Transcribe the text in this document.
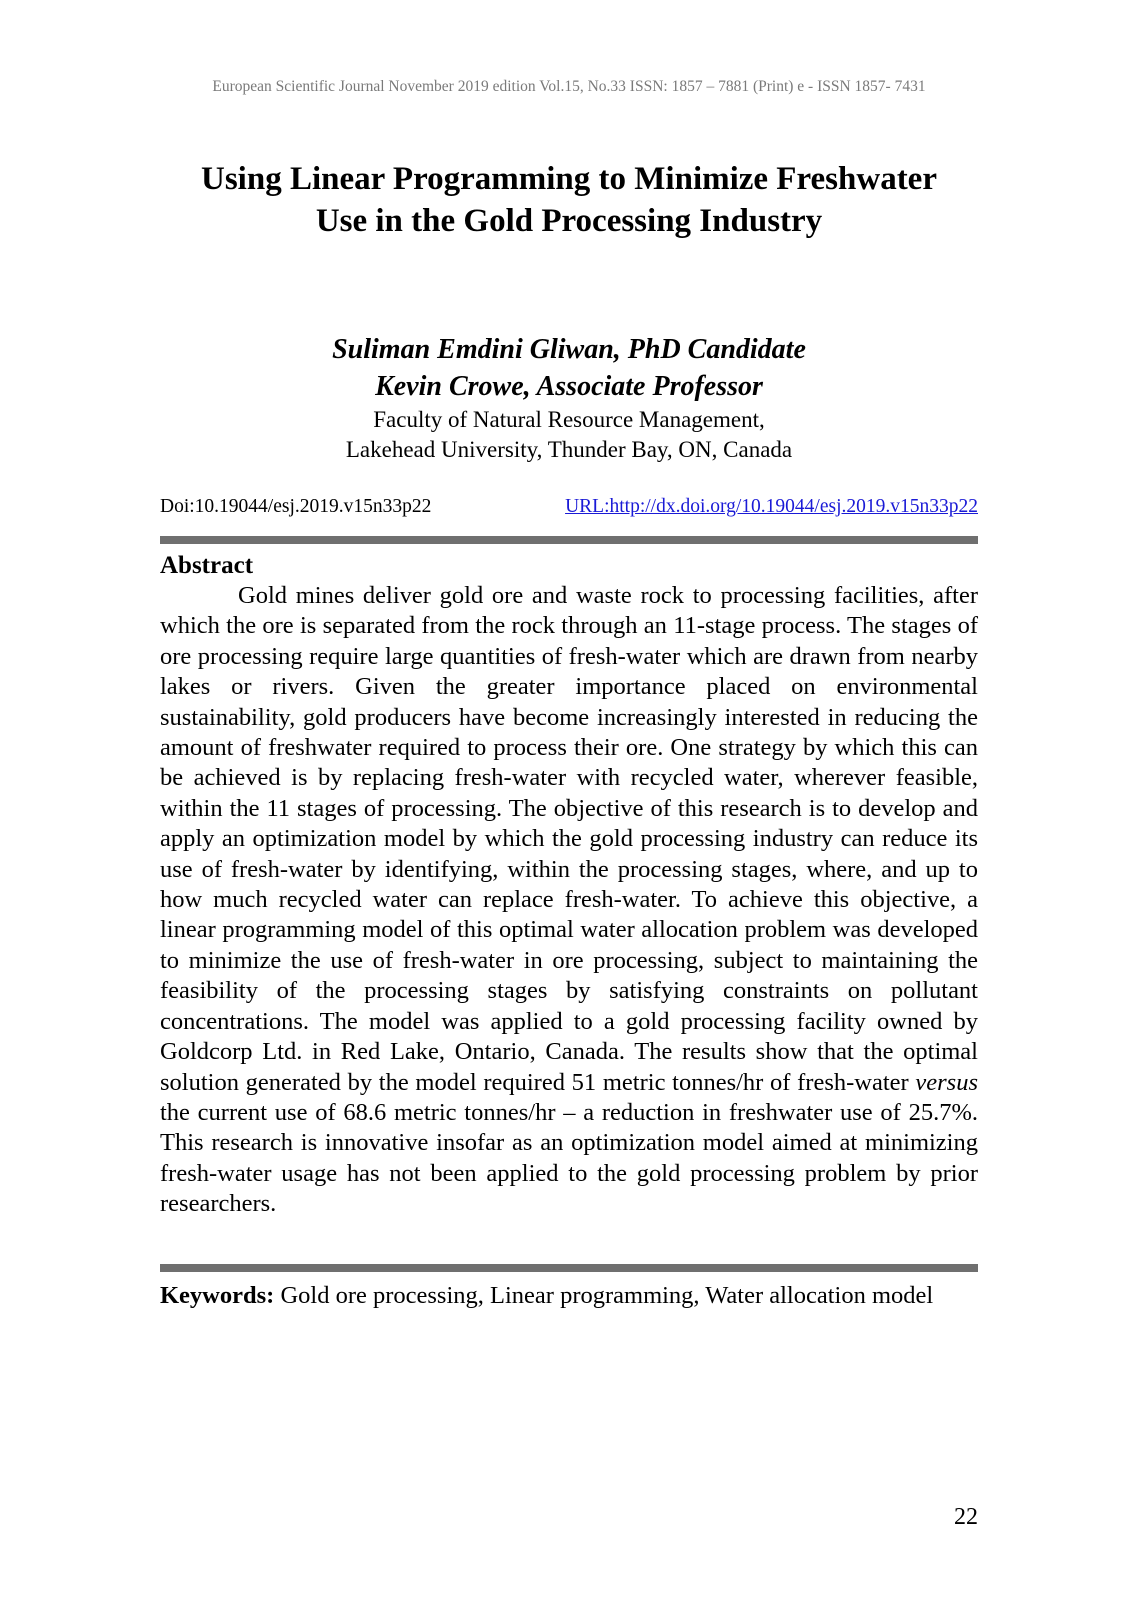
European Scientific Journal November 2019 edition Vol.15, No.33 ISSN: 1857 – 7881 (Print) e - ISSN 1857- 7431
Using Linear Programming to Minimize Freshwater
Use in the Gold Processing Industry
Suliman Emdini Gliwan, PhD Candidate
Kevin Crowe, Associate Professor
Faculty of Natural Resource Management,
Lakehead University, Thunder Bay, ON, Canada
Doi:10.19044/esj.2019.v15n33p22	URL:http://dx.doi.org/10.19044/esj.2019.v15n33p22
Abstract

Gold mines deliver gold ore and waste rock to processing facilities, after which the ore is separated from the rock through an 11-stage process. The stages of ore processing require large quantities of fresh-water which are drawn from nearby lakes or rivers. Given the greater importance placed on environmental sustainability, gold producers have become increasingly interested in reducing the amount of freshwater required to process their ore. One strategy by which this can be achieved is by replacing fresh-water with recycled water, wherever feasible, within the 11 stages of processing. The objective of this research is to develop and apply an optimization model by which the gold processing industry can reduce its use of fresh-water by identifying, within the processing stages, where, and up to how much recycled water can replace fresh-water. To achieve this objective, a linear programming model of this optimal water allocation problem was developed to minimize the use of fresh-water in ore processing, subject to maintaining the feasibility of the processing stages by satisfying constraints on pollutant concentrations. The model was applied to a gold processing facility owned by Goldcorp Ltd. in Red Lake, Ontario, Canada. The results show that the optimal solution generated by the model required 51 metric tonnes/hr of fresh-water versus the current use of 68.6 metric tonnes/hr – a reduction in freshwater use of 25.7%. This research is innovative insofar as an optimization model aimed at minimizing fresh-water usage has not been applied to the gold processing problem by prior researchers.

Keywords: Gold ore processing, Linear programming, Water allocation model

22
